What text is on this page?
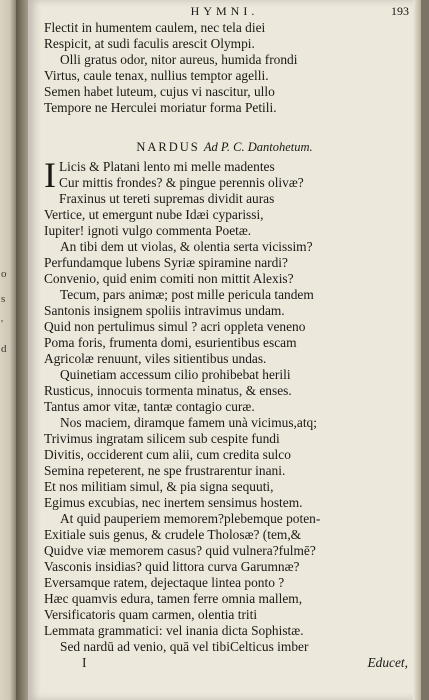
o
s
'
d
HYMNI.	193
Flectit in humentem caulem, nec tela diei
Respicit, at sudi faculis arescit Olympi.
Olli gratus odor, nitor aureus, humida frondi
Virtus, caule tenax, nullius temptor agelli.
Semen habet luteum, cujus vi nascitur, ullo
Tempore ne Herculei moriatur forma Petili.
NARDUS Ad P. C. Dantohetum.
I Licis & Platani lento mi melle madentes
Cur mittis frondes? & pingue perennis olivæ?
Fraxinus ut tereti supremas dividit auras
Vertice, ut emergunt nube Idæi cyparissi,
Iupiter! ignoti vulgo commenta Poetæ.
An tibi dem ut violas, & olentia serta vicissim?
Perfundamque lubens Syriæ spiramine nardi?
Convenio, quid enim comiti non mittit Alexis?
Tecum, pars animæ; post mille pericula tandem
Santonis insignem spoliis intravimus undam.
Quid non pertulimus simul ? acri oppleta veneno
Poma foris, frumenta domi, esurientibus escam
Agricolæ renuunt, viles sitientibus undas.
Quinetiam accessum cilio prohibebat herili
Rusticus, innocuis tormenta minatus, & enses.
Tantus amor vitæ, tantæ contagio curæ.
Nos maciem, diramque famem unà vicimus,atq;
Trivimus ingratam silicem sub cespite fundi
Divitis, occiderent cum alii, cum credita sulco
Semina repeterent, ne spe frustrarentur inani.
Et nos militiam simul, & pia signa sequuti,
Egimus excubias, nec inertem sensimus hostem.
At quid pauperiem memorem?plebemque poten-
Exitiale suis genus, & crudele Tholosæ? (tem,&
Quidve viæ memorem casus? quid vulnera?fulmē?
Vasconis insidias? quid littora curva Garumnæ?
Eversamque ratem, dejectaque lintea ponto ?
Hæc quamvis edura, tamen ferre omnia mallem,
Versificatoris quam carmen, olentia triti
Lemmata grammatici: vel inania dicta Sophistæ.
Sed nardū ad venio, quā vel tibiCelticus imber
I	Educet,
